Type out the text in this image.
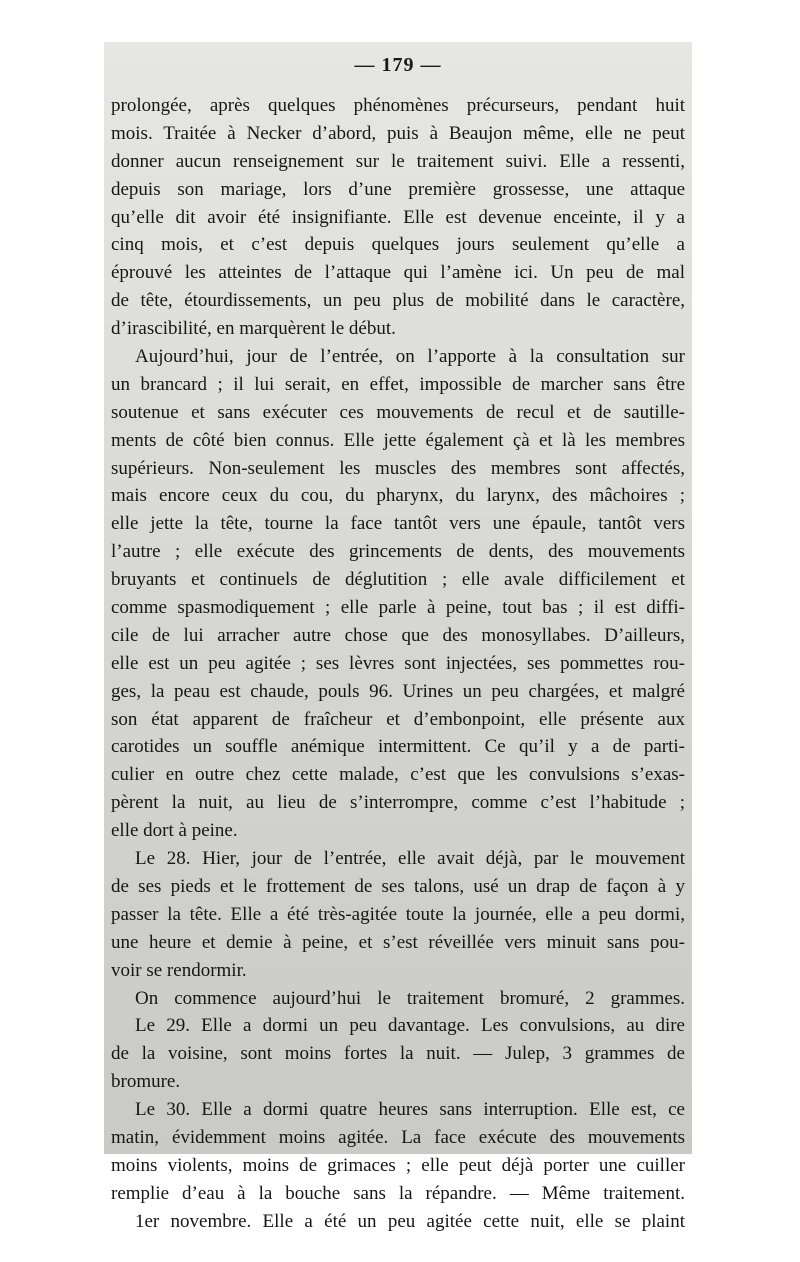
— 179 —
prolongée, après quelques phénomènes précurseurs, pendant huit
mois. Traitée à Necker d’abord, puis à Beaujon même, elle ne peut
donner aucun renseignement sur le traitement suivi. Elle a ressenti,
depuis son mariage, lors d’une première grossesse, une attaque
qu’elle dit avoir été insignifiante. Elle est devenue enceinte, il y a
cinq mois, et c’est depuis quelques jours seulement qu’elle a
éprouvé les atteintes de l’attaque qui l’amène ici. Un peu de mal
de tête, étourdissements, un peu plus de mobilité dans le caractère,
d’irascibilité, en marquèrent le début.
Aujourd’hui, jour de l’entrée, on l’apporte à la consultation sur
un brancard ; il lui serait, en effet, impossible de marcher sans être
soutenue et sans exécuter ces mouvements de recul et de sautille-
ments de côté bien connus. Elle jette également çà et là les membres
supérieurs. Non-seulement les muscles des membres sont affectés,
mais encore ceux du cou, du pharynx, du larynx, des mâchoires ;
elle jette la tête, tourne la face tantôt vers une épaule, tantôt vers
l’autre ; elle exécute des grincements de dents, des mouvements
bruyants et continuels de déglutition ; elle avale difficilement et
comme spasmodiquement ; elle parle à peine, tout bas ; il est diffi-
cile de lui arracher autre chose que des monosyllabes. D’ailleurs,
elle est un peu agitée ; ses lèvres sont injectées, ses pommettes rou-
ges, la peau est chaude, pouls 96. Urines un peu chargées, et malgré
son état apparent de fraîcheur et d’embonpoint, elle présente aux
carotides un souffle anémique intermittent. Ce qu’il y a de parti-
culier en outre chez cette malade, c’est que les convulsions s’exas-
pèrent la nuit, au lieu de s’interrompre, comme c’est l’habitude ;
elle dort à peine.
Le 28. Hier, jour de l’entrée, elle avait déjà, par le mouvement
de ses pieds et le frottement de ses talons, usé un drap de façon à y
passer la tête. Elle a été très-agitée toute la journée, elle a peu dormi,
une heure et demie à peine, et s’est réveillée vers minuit sans pou-
voir se rendormir.
On commence aujourd’hui le traitement bromuré, 2 grammes.
Le 29. Elle a dormi un peu davantage. Les convulsions, au dire
de la voisine, sont moins fortes la nuit. — Julep, 3 grammes de
bromure.
Le 30. Elle a dormi quatre heures sans interruption. Elle est, ce
matin, évidemment moins agitée. La face exécute des mouvements
moins violents, moins de grimaces ; elle peut déjà porter une cuiller
remplie d’eau à la bouche sans la répandre. — Même traitement.
1er novembre. Elle a été un peu agitée cette nuit, elle se plaint
